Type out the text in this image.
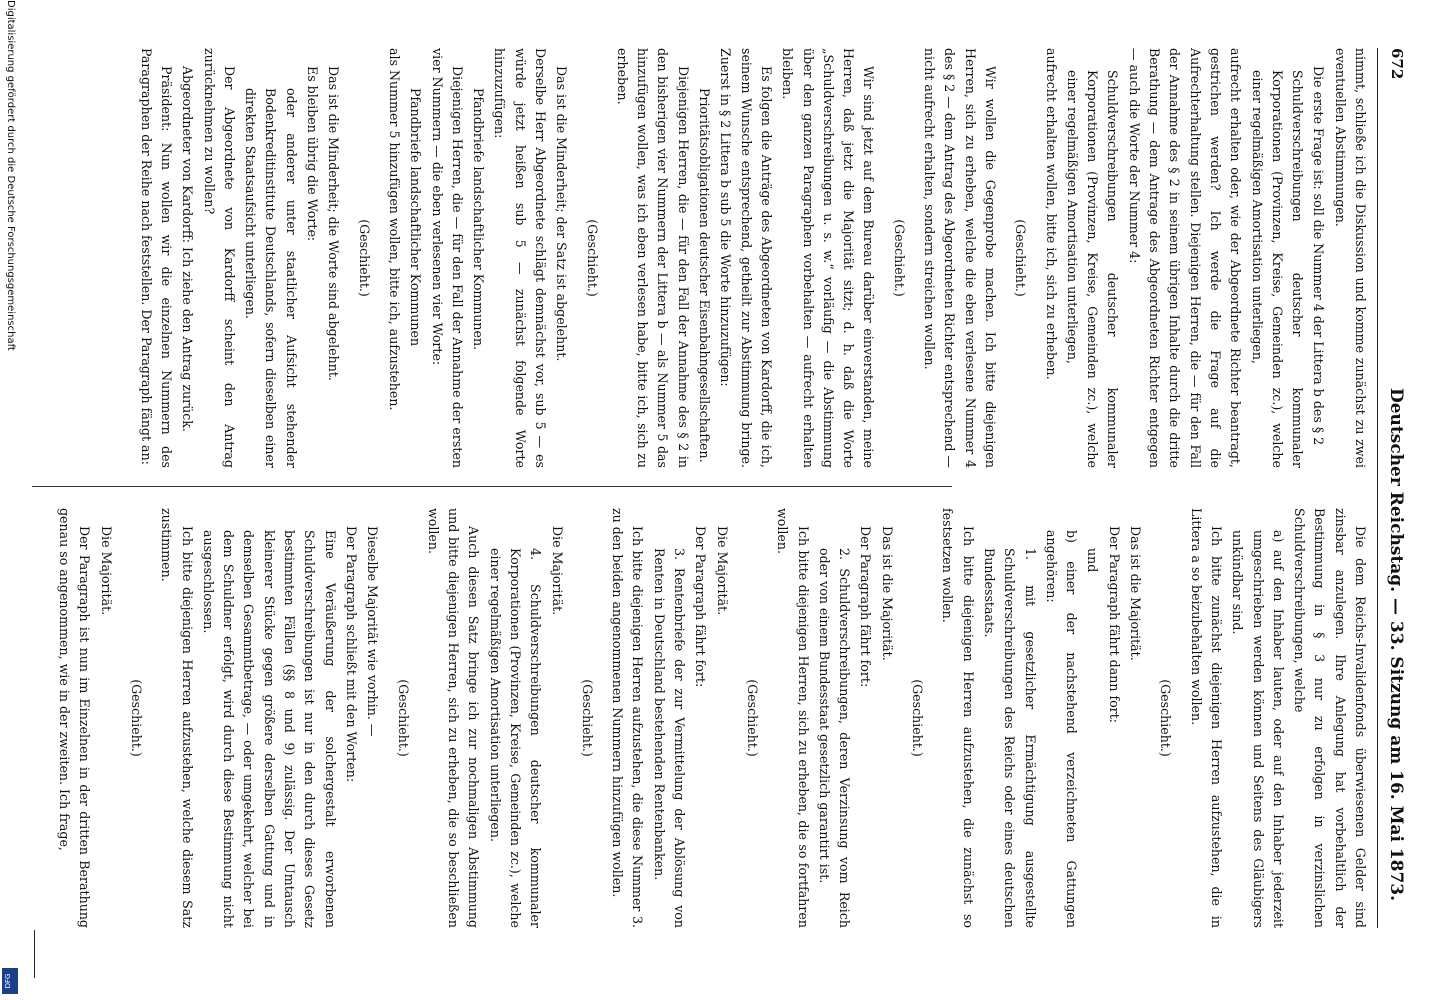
672
Deutscher Reichstag. — 33. Sitzung am 16. Mai 1873.
nimmt, schließe ich die Diskussion und komme zunächst zu zwei eventuellen Abstimmungen.
Die erste Frage ist: soll die Nummer 4 der Littera b des § 2
Schuldverschreibungen deutscher kommunaler Korporationen (Provinzen, Kreise, Gemeinden zc.), welche einer regelmäßigen Amortisation unterliegen,
aufrecht erhalten oder, wie der Abgeordnete Richter beantragt, gestrichen werden? Ich werde die Frage auf die Aufrechterhaltung stellen. Diejenigen Herren, die — für den Fall der Annahme des § 2 in seinem übrigen Inhalte durch die dritte Berathung — dem Antrage des Abgeordneten Richter entgegen — auch die Worte der Nummer 4:
Schuldverschreibungen deutscher kommunaler Korporationen (Provinzen, Kreise, Gemeinden zc.), welche einer regelmäßigen Amortisation unterliegen,
aufrecht erhalten wollen, bitte ich, sich zu erheben.
(Geschieht.)
Wir wollen die Gegenprobe machen. Ich bitte diejenigen Herren, sich zu erheben, welche die eben verlesene Nummer 4 des § 2 — dem Antrag des Abgeordneten Richter entsprechend — nicht aufrecht erhalten, sondern streichen wollen.
(Geschieht.)
Wir sind jetzt auf dem Bureau darüber einverstanden, meine Herren, daß jetzt die Majorität sitzt; d. h. daß die Worte „Schuldverschreibungen u. s. w.“ vorläufig — die Abstimmung über den ganzen Paragraphen vorbehalten — aufrecht erhalten bleiben.
Es folgen die Anträge des Abgeordneten von Kardorff, die ich, seinem Wunsche entsprechend, getheilt zur Abstimmung bringe. Zuerst in § 2 Littera b sub 5 die Worte hinzuzufügen:
Prioritätsobligationen deutscher Eisenbahngesellschaften.
Diejenigen Herren, die — für den Fall der Annahme des § 2 in den bisherigen vier Nummern der Littera b — als Nummer 5 das hinzufügen wollen, was ich eben verlesen habe, bitte ich, sich zu erheben.
(Geschieht.)
Das ist die Minderheit; der Satz ist abgelehnt.
Derselbe Herr Abgeordnete schlägt demnächst vor, sub 5 — es würde jetzt heißen sub 5 — zunächst folgende Worte hinzuzufügen:
Pfandbriefe landschaftlicher Kommunen.
Diejenigen Herren, die — für den Fall der Annahme der ersten vier Nummern — die eben verlesenen vier Worte:
Pfandbriefe landschaftlicher Kommunen
als Nummer 5 hinzufügen wollen, bitte ich, aufzustehen.
(Geschieht.)
Das ist die Minderheit; die Worte sind abgelehnt.
Es bleiben übrig die Worte:
oder anderer unter staatlicher Aufsicht stehender Bodenkreditinstitute Deutschlands, sofern dieselben einer direkten Staatsaufsicht unterliegen.
Der Abgeordnete von Kardorff scheint den Antrag zurücknehmen zu wollen?
Abgeordneter von Kardorff: Ich ziehe den Antrag zurück.
Präsident: Nun wollen wir die einzelnen Nummern des Paragraphen der Reihe nach feststellen. Der Paragraph fängt an:
Die dem Reichs-Invalidenfonds überwiesenen Gelder sind zinsbar anzulegen. Ihre Anlegung hat vorbehaltlich der Bestimmung in § 3 nur zu erfolgen in verzinslichen Schuldverschreibungen, welche
a) auf den Inhaber lauten, oder auf den Inhaber jederzeit umgeschrieben werden können und Seitens des Gläubigers unkündbar sind.
Ich bitte zunächst diejenigen Herren aufzustehen, die in Littera a so beizubehalten wollen.
(Geschieht.)
Das ist die Majorität.
Der Paragraph fährt dann fort:
und
b) einer der nachstehend verzeichneten Gattungen angehören:
1. mit gesetzlicher Ermächtigung ausgestellte Schuldverschreibungen des Reichs oder eines deutschen Bundesstaats.
Ich bitte diejenigen Herren aufzustehen, die zunächst so festsetzen wollen.
(Geschieht.)
Das ist die Majorität.
Der Paragraph fährt fort:
2. Schuldverschreibungen, deren Verzinsung vom Reich oder von einem Bundesstaat gesetzlich garantirt ist.
Ich bitte diejenigen Herren, sich zu erheben, die so fortfahren wollen.
(Geschieht.)
Die Majorität.
Der Paragraph fährt fort:
3. Rentenbriefe der zur Vermittelung der Ablösung von Renten in Deutschland bestehenden Rentenbanken.
Ich bitte diejenigen Herren aufzustehen, die diese Nummer 3. zu den beiden angenommenen Nummern hinzufügen wollen.
(Geschieht.)
Die Majorität.
4. Schuldverschreibungen deutscher kommunaler Korporationen (Provinzen, Kreise, Gemeinden zc.), welche einer regelmäßigen Amortisation unterliegen.
Auch diesen Satz bringe ich zur nochmaligen Abstimmung und bitte diejenigen Herren, sich zu erheben, die so beschließen wollen.
(Geschieht.)
Dieselbe Majorität wie vorhin. —
Der Paragraph schließt mit den Worten:
Eine Veräußerung der solchergestalt erworbenen Schuldverschreibungen ist nur in den durch dieses Gesetz bestimmten Fällen (§§ 8 und 9) zulässig. Der Umtausch kleinerer Stücke gegen größere derselben Gattung und in demselben Gesammtbetrage, — oder umgekehrt, welcher bei dem Schuldner erfolgt, wird durch diese Bestimmung nicht ausgeschlossen.
Ich bitte diejenigen Herren aufzustehen, welche diesem Satz zustimmen.
(Geschieht.)
Die Majorität.
Der Paragraph ist nun im Einzelnen in der dritten Berathung genau so angenommen, wie in der zweiten. Ich frage,
Digitalisierung gefördert durch die Deutsche Forschungsgemeinschaft
DFG
